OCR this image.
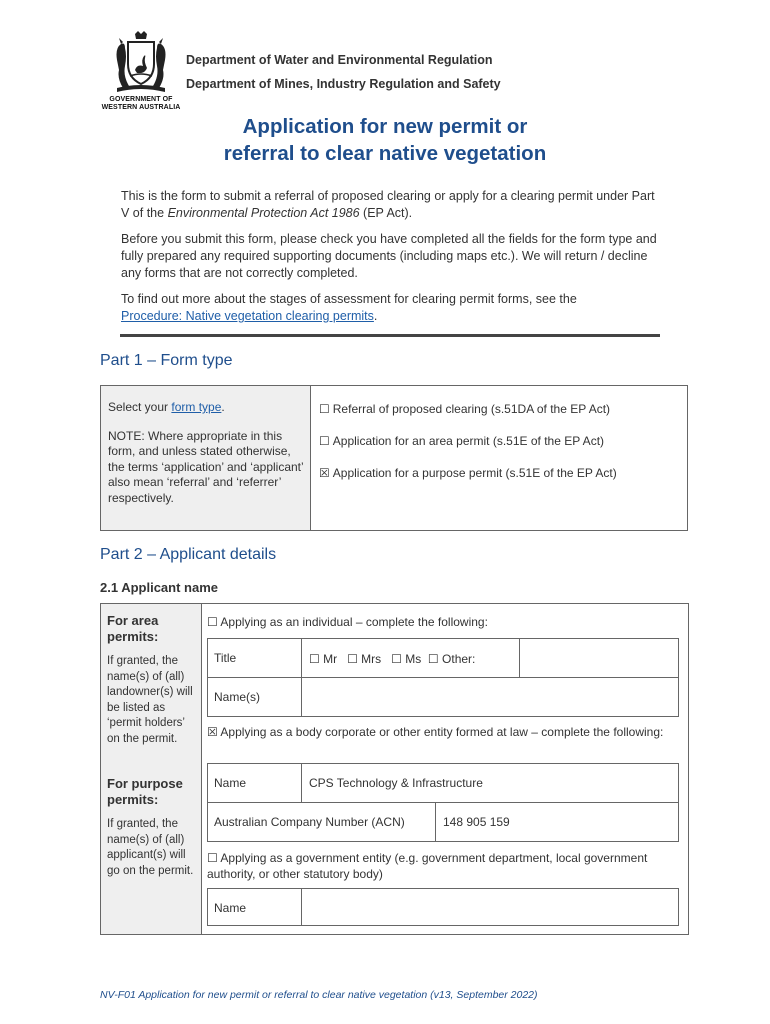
GOVERNMENT OF
WESTERN AUSTRALIA
Department of Water and Environmental Regulation
Department of Mines, Industry Regulation and Safety
Application for new permit or
referral to clear native vegetation
This is the form to submit a referral of proposed clearing or apply for a clearing permit under Part V of the Environmental Protection Act 1986 (EP Act).
Before you submit this form, please check you have completed all the fields for the form type and fully prepared any required supporting documents (including maps etc.). We will return / decline any forms that are not correctly completed.
To find out more about the stages of assessment for clearing permit forms, see the
Procedure: Native vegetation clearing permits.
Part 1 – Form type
Select your form type.
NOTE: Where appropriate in this form, and unless stated otherwise, the terms ‘application’ and ‘applicant’ also mean ‘referral’ and ‘referrer’ respectively.

☐ Referral of proposed clearing (s.51DA of the EP Act)
☐ Application for an area permit (s.51E of the EP Act)
☒ Application for a purpose permit (s.51E of the EP Act)
Part 2 – Applicant details
2.1 Applicant name
For area permits:
If granted, the name(s) of (all) landowner(s) will be listed as ‘permit holders’ on the permit.
For purpose permits:
If granted, the name(s) of (all) applicant(s) will go on the permit.
☐ Applying as an individual – complete the following:
Title	☐ Mr   ☐ Mrs   ☐ Ms  ☐ Other:
Name(s)
☒ Applying as a body corporate or other entity formed at law – complete the following:
Name	CPS Technology & Infrastructure
Australian Company Number (ACN)	148 905 159
☐ Applying as a government entity (e.g. government department, local government authority, or other statutory body)
Name
NV-F01 Application for new permit or referral to clear native vegetation (v13, September 2022)
